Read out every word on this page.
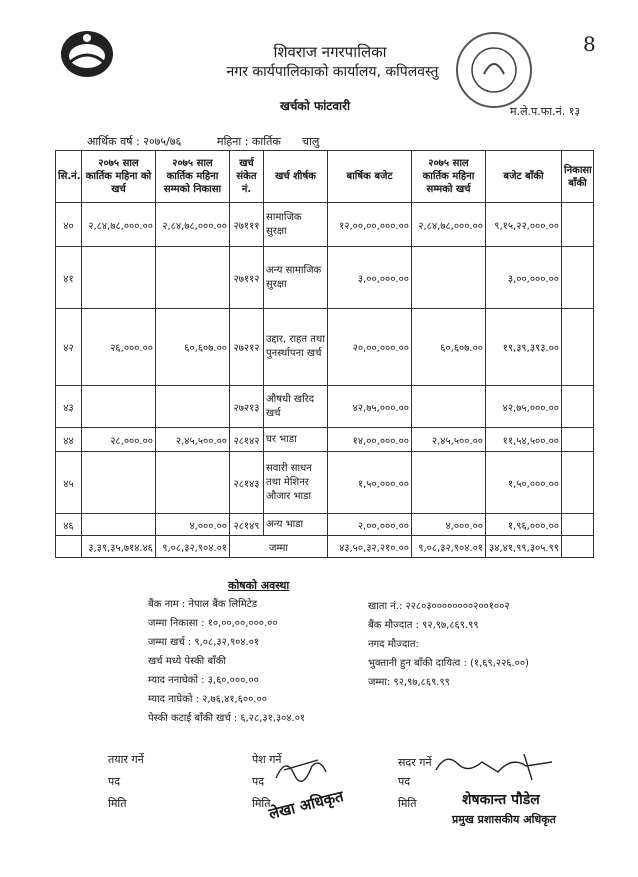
शिवराज नगरपालिका
नगर कार्यपालिकाको कार्यालय, कपिलवस्तु
खर्चको फांटवारी
8
म.ले.प.फा.नं. १३
आर्थिक वर्ष : २०७५/७६	महिना : कार्तिक चालु
सि.नं.	२०७५ साल कार्तिक महिना को खर्च	२०७५ साल कार्तिक महिना सम्मको निकासा	खर्च संकेत नं.	खर्च शीर्षक	बार्षिक बजेट	२०७५ साल कार्तिक महिना सम्मको खर्च	बजेट बाँकी	निकासा बाँकी
४०	२,८४,७८,०००.००	२,८४,७८,०००.००	२७१११	सामाजिक सुरक्षा	१२,००,००,०००.००	२,८४,७८,०००.००	९,१५,२२,०००.००	
४१			२७११२	अन्य सामाजिक सुरक्षा	३,००,०००.००		३,००,०००.००	
४२	२६,०००.००	६०,६०७.००	२७२१२	उद्दार, राहत तथा पुनर्स्थापना खर्च	२०,००,०००.००	६०,६०७.००	१९,३९,३९३.००	
४३			२७२१३	औषधी खरिद खर्च	४२,७५,०००.००		४२,७५,०००.००	
४४	२८,०००.००	२,४५,५००.००	२८१४२	घर भाडा	१४,००,०००.००	२,४५,५००.००	११,५४,५००.००	
४५			२८१४३	सवारी साधन तथा मेशिनर औजार भाडा	१,५०,०००.००		१,५०,०००.००	
४६		४,०००.००	२८१४९	अन्य भाडा	२,००,०००.००	४,०००.००	१,९६,०००.००	
	३,३९,३५,७१४.४६	९,०८,३२,९०४.०१	जम्मा		४३,५०,३२,२१०.००	९,०८,३२,९०४.०१	३४,४१,९९,३०५.९९	
कोषको अवस्था
बैंक नाम : नेपाल बैंक लिमिटेड
जम्मा निकासा : १०,००,००,०००.००
जम्मा खर्च : ९,०८,३२,९०४.०१
खर्च मध्ये पेस्की बाँकी
म्याद ननाघेको : ३,६०,०००.००
म्याद नाघेको : २,७६,४१,६००.००
पेस्की कटाई बाँकी खर्च : ६,२८,३१,३०४.०१
खाता नं.: २२८०३००००००००२००१००२
बैंक मौज्दात : ९२,९७,८६९.९९
नगद मौज्दात:
भुक्तानी हुन बाँकी दायित्व : (१,६९,२२६.००)
जम्मा: ९२,९७,८६९.९९
तयार गर्ने
पद
मिति
पेश गर्ने
पद
मिति
सदर गर्ने
पद
मिति
लेखा अधिकृत	शेषकान्त पौडेल
प्रमुख प्रशासकीय अधिकृत
